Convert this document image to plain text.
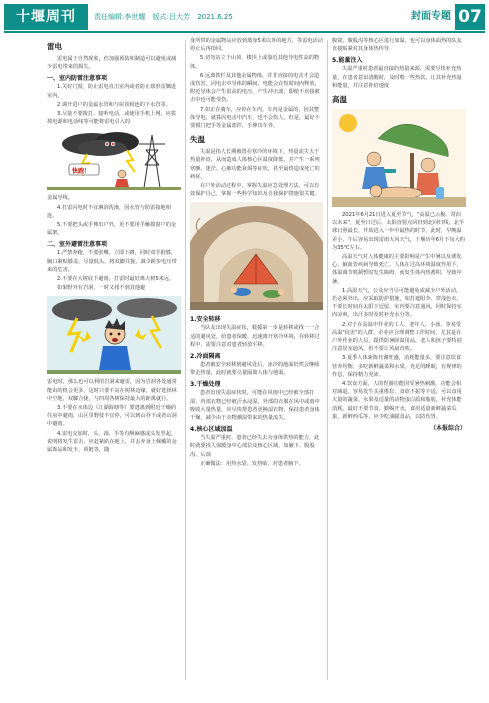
十堰周刊	责任编辑:李世耀 版式:吕大芳 2021.6.25	封面专题 07
雷电

雷电属于自然现象，但加强预防和制造可以避免或减少雷电带来的损失。

一、室内防雷注意事项

1.关好门窗，防止雷电直击室内或者防止球形雷飘进室内。

2.调开进户的金属水管和与屋顶相连的下水管等。

3.尽量不要拨打、接听电话，或使用手机上网，应拔掉电源和电话线等可能将雷电引入的

快跑！

金属导线。

4.打雷闪电时不宜淋浴洗澡，因水管与防雷接地相连。

5.不要把头或手伸出户外，更不要用手触摸窗户的金属架。

二、室外避雷注意事项

1.严禁奔跑，不要张嘴，立即下蹲，同时双手抱膝，胸口紧贴膝盖，尽量低头，将双脚并拢，减少跨步电压带来的危害。

2.不要在大树底下避雨，打雷时最好离大树5米远。

如果野外有岩洞，一时又找不到其他避

雷电时，那么也可以利用岩洞来避雷，因为岩洞各处通常能由的机会更多，这时只要不站在树林边缘，就好选择林中空地，双脚合拢，与四周各树保持最大的距离就行。

3.不要在水体边（江湖海塘等）要逃离到附近干燥的住房中避雨，山区里野枝不宜停，可以到山谷下或者山洞中避雨。

4.雷电交加时，头、颈、手等有酥麻感或头发竖起，说明将发生雷击，应赶紧趴在地上，并丢弃身上佩戴的金属饰品和发卡、项链等，随

身所带的金属物品应放到离身5米以外的地方，等雷电活动停止后再拾回。

5.切勿站立于山顶、楼顶上或靠近其他导电性高的物体。

6.远离铁栏及其他金属物体，并非直接的电击才会造成伤害，闪电击中导体的瞬间，电能会在短时间内释放，附近导体会产生很高的电压，产生冲击波，即使不直接被击中也可能受伤。

7.如正在骑车，应停在车内。车内是金属的，因其整体导电，就算闪电击中汽车，也不会伤人，但是，最好不要摸门把手等金属部件，手伸出车外。

失温

失温是指人长期被置在寒冷的环境下，热量流失大于热量补给，从而造成人体核心区温度降低，并产生一系列寒颤、迷茫、心肺功能衰竭等症状，甚至最终造成死亡的病症。

在户外活动过程中，掌握失温应急处理方法，可以有效保护自己，掌握一些科学知识及自我保护措施很关键。

1.安全转移

当队友出现失温症状，救援第一步是转移或找一一合适的避风处，给患者保暖，迅速离开寒冷环境，在转移过程中，需要注意对患者轻放平移。

2.冷面隔离

患者被安全转移到避风处后，冰冷的地面仍然会继续带走热量，此时就要尽量隔离人体与地面。

3.干燥处理

患者出现失温症状时，可能在风雨中已经被全部打湿，内部衣物已经被汗水浸湿，外部的衣服在风中或雨中吸收大量热量，应尽快帮患者更换湿衣物，保持患者身体干燥，减少由于衣物潮湿带来的热量流失。

4.核心区域加温

当失温严重时，患者已经失去为身体供热的能力，此时就要找人保暖身中心部位及核心区域，如腋下、腹股沟、后颈

正确做法：用热水袋、发热贴、对患者腋下、

腹窝、腹股沟等核心区进行加温，也可以身体面热的队友直接贴紧对其身体热传导

5.能量注入

失温严重时患者最直接的热量来源，需要尽快补充热量，在患者意识清醒时，及时喂一些热饮，让其补充热量和能量，并注意补给速度

高温

2021年6月21日进入夏至节气，"高温已云极、常泪以未来"，夏至日过后，太阳直射点回归到北回归线，北半球日照最长，开始进入一年中最热的时节，此时，早晚温差小，午后容易出现雷雨大风天气，十堰历年6月下旬大约为35℃左右。

高温天气对人体健康的主要影响是产生中暑以及诱发心、脑血管疾病导致死亡。人体在过高环境温度作用下，体温调节机制暂时发生障碍，而发生体内热蓄积，导致中暑。

1.高温天气，公众应当尽可能避免或减少户外活动，若必须外出，应采取防护措施，如打遮阳伞、穿浅色衣、不要长时间在太阳下逗留，室内要注意通风，同时保持室内凉爽，出汗多时及时补充水分等。

2.对于在高温中作业的工人、老年人、小孩、等易受高温"侵害"的人群，企业应合理调整工作时间，尤其是在户外作业的人员，提供防暑降温用品，老人和孩子要特别注意居室通风，但不要让风扇直吹。

3.夏季人体新陈代谢旺盛，消耗能量多，要注意饮食营养均衡，多吃新鲜蔬菜和水果，充足的睡眠，有规律的作息，保持精力充沛。

4.饮食方面，人的胃肠功能因受暑热刺激，功能会相对减退，容易发生头重倦怠、食欲不振等不适，可以食用大量的蔬菜、水果及适量的动物蛋白质和脂肪，补充体能消耗，最好不要节食，勤喝开水，食用适量新鲜蔬菜瓜果，新鲜西瓜等，应少吃油腻食品，以防伤胃。

（本报综合）
